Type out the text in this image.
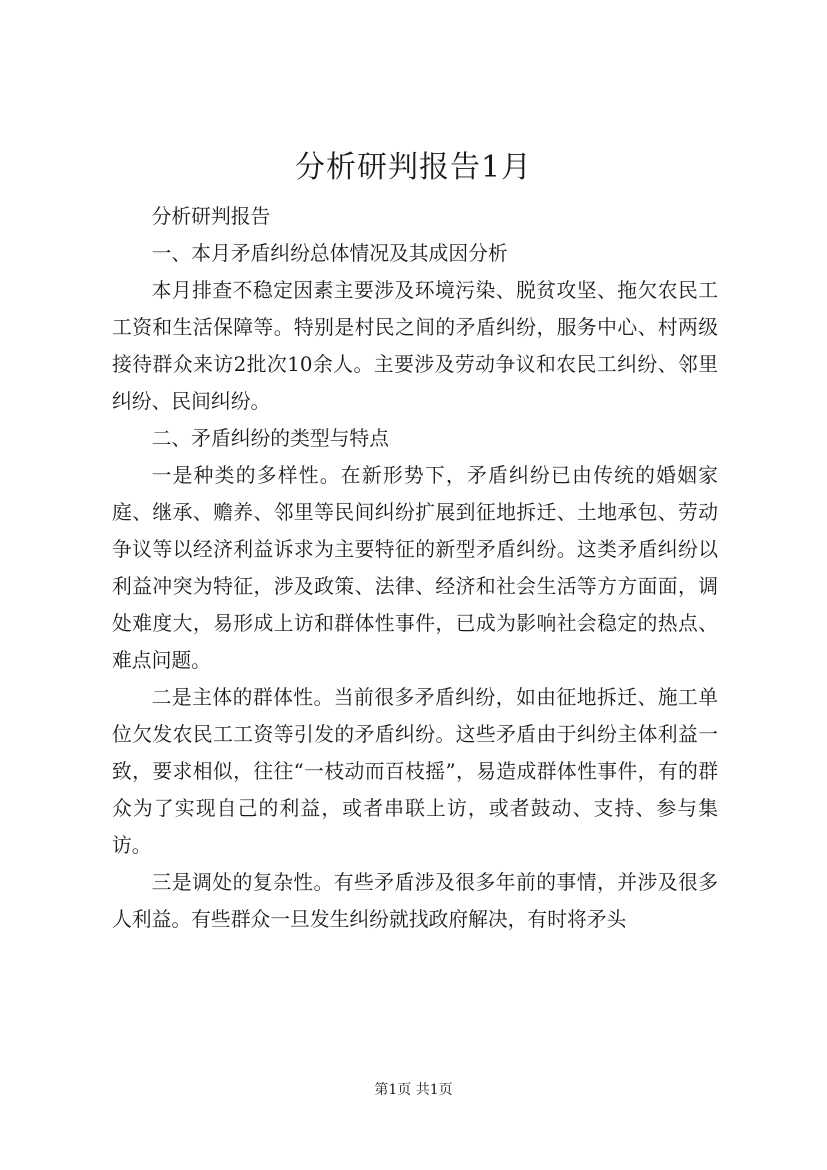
分析研判报告1月

分析研判报告

一、本月矛盾纠纷总体情况及其成因分析

本月排查不稳定因素主要涉及环境污染、脱贫攻坚、拖欠农民工工资和生活保障等。特别是村民之间的矛盾纠纷，服务中心、村两级接待群众来访2批次10余人。主要涉及劳动争议和农民工纠纷、邻里纠纷、民间纠纷。

二、矛盾纠纷的类型与特点

一是种类的多样性。在新形势下，矛盾纠纷已由传统的婚姻家庭、继承、赡养、邻里等民间纠纷扩展到征地拆迁、土地承包、劳动争议等以经济利益诉求为主要特征的新型矛盾纠纷。这类矛盾纠纷以利益冲突为特征，涉及政策、法律、经济和社会生活等方方面面，调处难度大，易形成上访和群体性事件，已成为影响社会稳定的热点、难点问题。

二是主体的群体性。当前很多矛盾纠纷，如由征地拆迁、施工单位欠发农民工工资等引发的矛盾纠纷。这些矛盾由于纠纷主体利益一致，要求相似，往往“一枝动而百枝摇”，易造成群体性事件，有的群众为了实现自己的利益，或者串联上访，或者鼓动、支持、参与集访。

三是调处的复杂性。有些矛盾涉及很多年前的事情，并涉及很多人利益。有些群众一旦发生纠纷就找政府解决，有时将矛头

第1页 共1页
